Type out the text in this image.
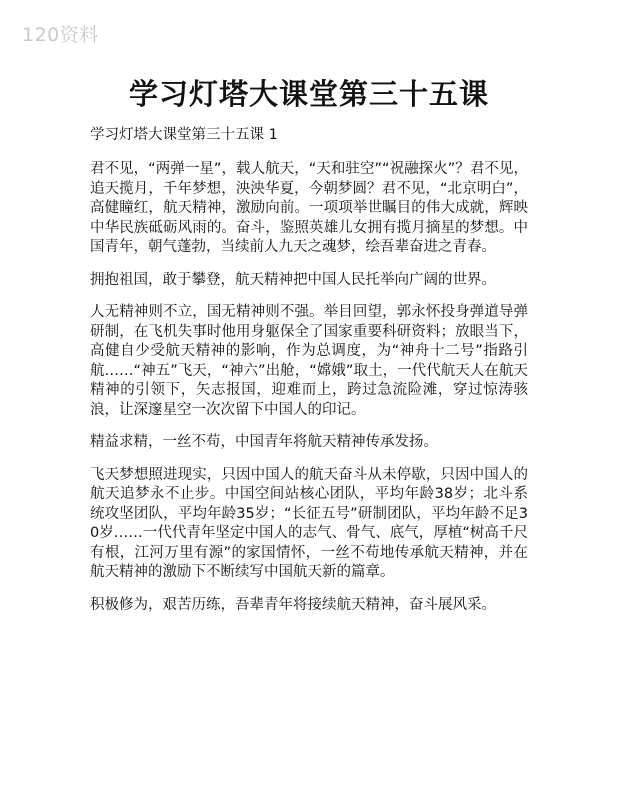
120资料
学习灯塔大课堂第三十五课

学习灯塔大课堂第三十五课 1

君不见，“两弹一星”，载人航天，“天和驻空”“祝融探火”？君不见，追天揽月，千年梦想，泱泱华夏，今朝梦圆？君不见，“北京明白”，高健瞳红，航天精神，激励向前。一项项举世瞩目的伟大成就，辉映中华民族砥砺风雨的。奋斗，鉴照英雄儿女拥有揽月摘星的梦想。中国青年，朝气蓬勃，当续前人九天之魂梦，绘吾辈奋进之青春。

拥抱祖国，敢于攀登，航天精神把中国人民托举向广阔的世界。

人无精神则不立，国无精神则不强。举目回望，郭永怀投身弹道导弹研制，在飞机失事时他用身躯保全了国家重要科研资料；放眼当下，高健自少受航天精神的影响，作为总调度，为“神舟十二号”指路引航……“神五”飞天，“神六”出舱，“嫦娥”取土，一代代航天人在航天精神的引领下，矢志报国，迎难而上，跨过急流险滩，穿过惊涛骇浪，让深邃星空一次次留下中国人的印记。

精益求精，一丝不苟，中国青年将航天精神传承发扬。

飞天梦想照进现实，只因中国人的航天奋斗从未停歇，只因中国人的航天追梦永不止步。中国空间站核心团队，平均年龄38岁；北斗系统攻坚团队，平均年龄35岁；“长征五号”研制团队，平均年龄不足30岁……一代代青年坚定中国人的志气、骨气、底气，厚植“树高千尺有根，江河万里有源”的家国情怀，一丝不苟地传承航天精神，并在航天精神的激励下不断续写中国航天新的篇章。

积极修为，艰苦历练，吾辈青年将接续航天精神，奋斗展风采。
